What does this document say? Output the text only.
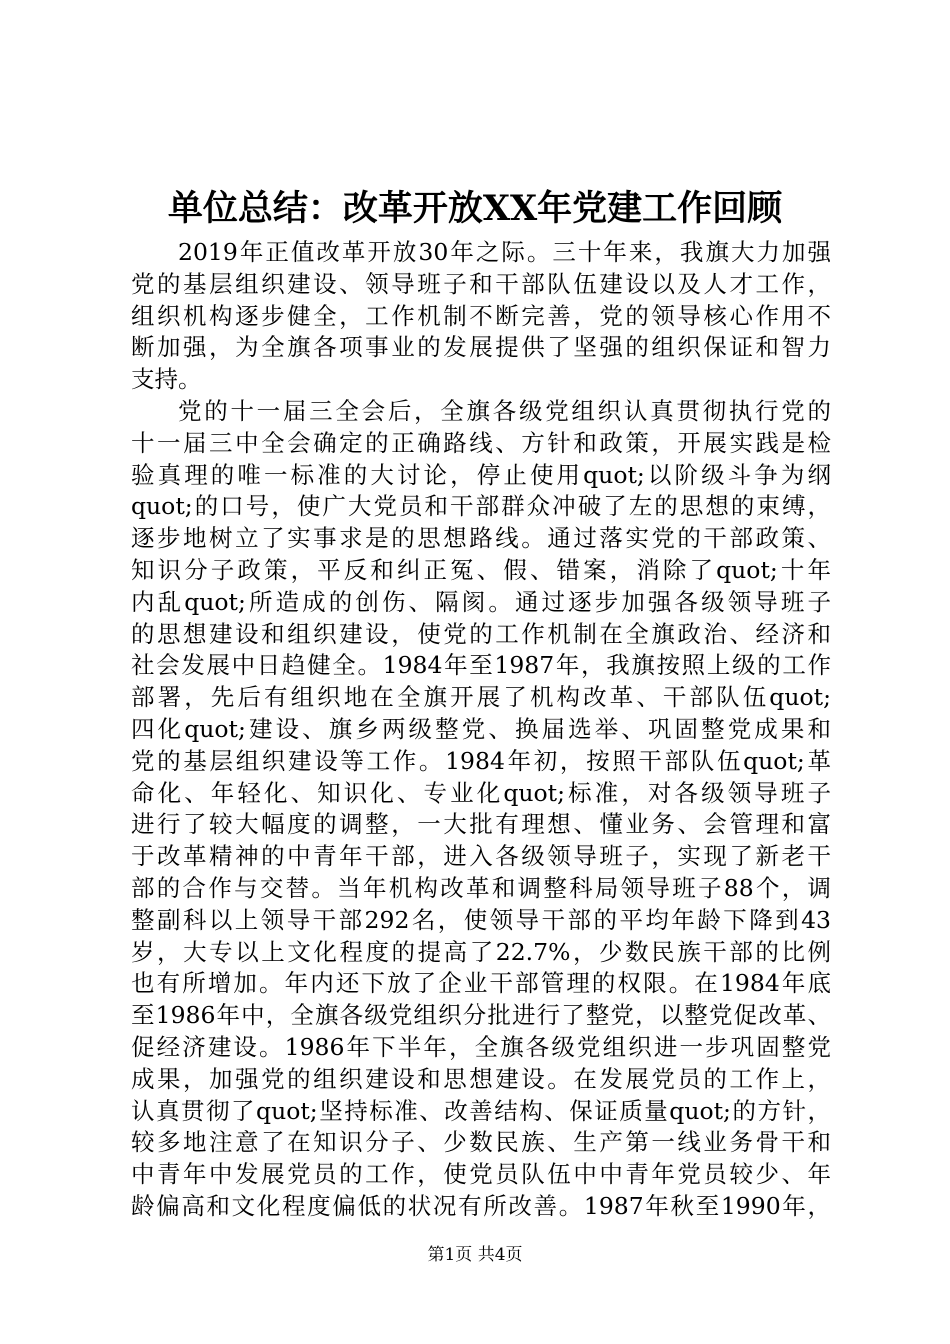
单位总结：改革开放XX年党建工作回顾
2019年正值改革开放30年之际。三十年来，我旗大力加强
党的基层组织建设、领导班子和干部队伍建设以及人才工作，
组织机构逐步健全，工作机制不断完善，党的领导核心作用不
断加强，为全旗各项事业的发展提供了坚强的组织保证和智力
支持。
党的十一届三全会后，全旗各级党组织认真贯彻执行党的
十一届三中全会确定的正确路线、方针和政策，开展实践是检
验真理的唯一标准的大讨论，停止使用quot;以阶级斗争为纲
quot;的口号，使广大党员和干部群众冲破了左的思想的束缚，
逐步地树立了实事求是的思想路线。通过落实党的干部政策、
知识分子政策，平反和纠正冤、假、错案，消除了quot;十年
内乱quot;所造成的创伤、隔阂。通过逐步加强各级领导班子
的思想建设和组织建设，使党的工作机制在全旗政治、经济和
社会发展中日趋健全。1984年至1987年，我旗按照上级的工作
部署，先后有组织地在全旗开展了机构改革、干部队伍quot;
四化quot;建设、旗乡两级整党、换届选举、巩固整党成果和
党的基层组织建设等工作。1984年初，按照干部队伍quot;革
命化、年轻化、知识化、专业化quot;标准，对各级领导班子
进行了较大幅度的调整，一大批有理想、懂业务、会管理和富
于改革精神的中青年干部，进入各级领导班子，实现了新老干
部的合作与交替。当年机构改革和调整科局领导班子88个，调
整副科以上领导干部292名，使领导干部的平均年龄下降到43
岁，大专以上文化程度的提高了22.7%，少数民族干部的比例
也有所增加。年内还下放了企业干部管理的权限。在1984年底
至1986年中，全旗各级党组织分批进行了整党，以整党促改革、
促经济建设。1986年下半年，全旗各级党组织进一步巩固整党
成果，加强党的组织建设和思想建设。在发展党员的工作上，
认真贯彻了quot;坚持标准、改善结构、保证质量quot;的方针，
较多地注意了在知识分子、少数民族、生产第一线业务骨干和
中青年中发展党员的工作，使党员队伍中中青年党员较少、年
龄偏高和文化程度偏低的状况有所改善。1987年秋至1990年，
第1页 共4页
